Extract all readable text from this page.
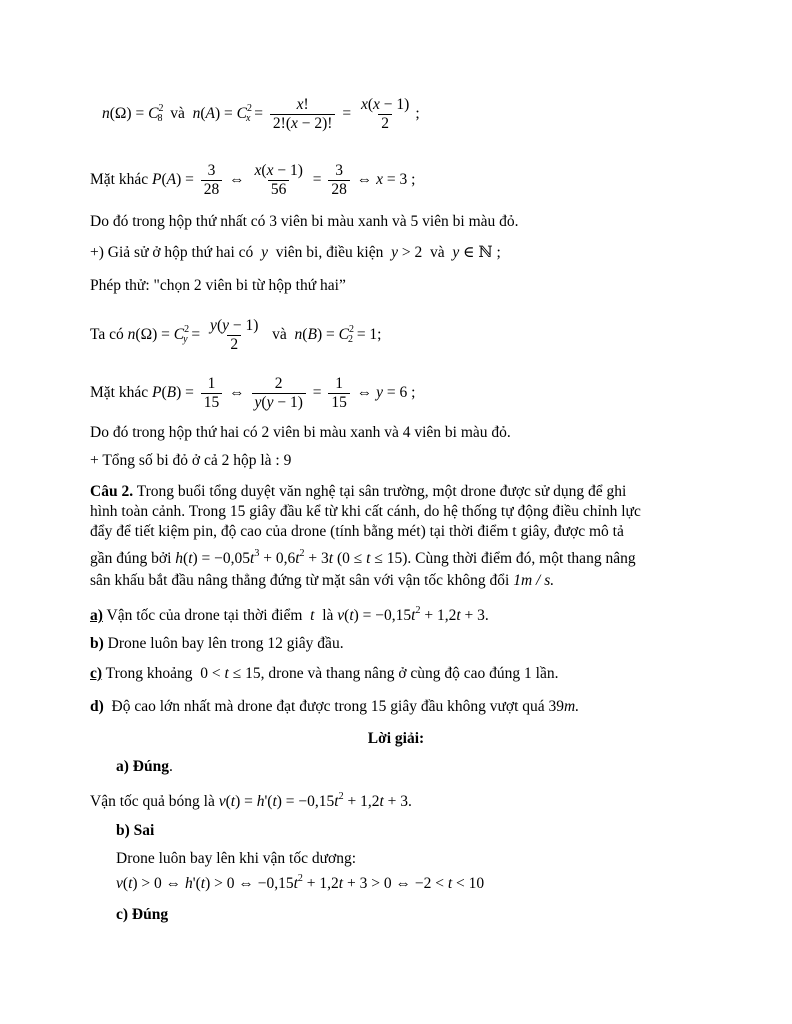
$n(\Omega) = C^2_8$ và $n(A) = C^2_x = \frac{x!}{2!(x - 2)!} = \frac{x(x - 1)}{2}$ ;
Mặt khác $P(A) = \frac{3}{28}$ ⇔ $\frac{x(x - 1)}{56} = \frac{3}{28}$ ⇔ x = 3 ;
Do đó trong hộp thứ nhất có 3 viên bi màu xanh và 5 viên bi màu đỏ.
+) Giả sử ở hộp thứ hai có  y  viên bi, điều kiện  y > 2  và  y ∈ ℕ ;
Phép thử: "chọn 2 viên bi từ hộp thứ hai”
Ta có $n(\Omega) = C^2_y = \frac{y(y - 1)}{2}$ và $n(B) = C^2_2 = 1$;
Mặt khác $P(B) = \frac{1}{15}$ ⇔ $\frac{2}{y(y - 1)} = \frac{1}{15}$ ⇔ y = 6 ;
Do đó trong hộp thứ hai có 2 viên bi màu xanh và 4 viên bi màu đỏ.
+ Tổng số bi đỏ ở cả 2 hộp là : 9
Câu 2. Trong buổi tổng duyệt văn nghệ tại sân trường, một drone được sử dụng để ghi
hình toàn cảnh. Trong 15 giây đầu kể từ khi cất cánh, do hệ thống tự động điều chỉnh lực
đẩy để tiết kiệm pin, độ cao của drone (tính bằng mét) tại thời điểm t giây, được mô tả
gần đúng bởi $h(t) = -0,05t^3 + 0,6t^2 + 3t$ (0 ≤ t ≤ 15). Cùng thời điểm đó, một thang nâng
sân khấu bắt đầu nâng thẳng đứng từ mặt sân với vận tốc không đổi 1m / s.
a) Vận tốc của drone tại thời điểm t là $v(t) = -0,15t^2 + 1,2t + 3$.
b) Drone luôn bay lên trong 12 giây đầu.
c) Trong khoảng  0 < t ≤ 15, drone và thang nâng ở cùng độ cao đúng 1 lần.
d) Độ cao lớn nhất mà drone đạt được trong 15 giây đầu không vượt quá 39m.
Lời giải:
a) Đúng.
Vận tốc quả bóng là $v(t) = h'(t) = -0,15t^2 + 1,2t + 3$.
b) Sai
Drone luôn bay lên khi vận tốc dương:
v(t) > 0 ⇔ h'(t) > 0 ⇔ $-0,15t^2 + 1,2t + 3 > 0$ ⇔ −2 < t < 10
c) Đúng
